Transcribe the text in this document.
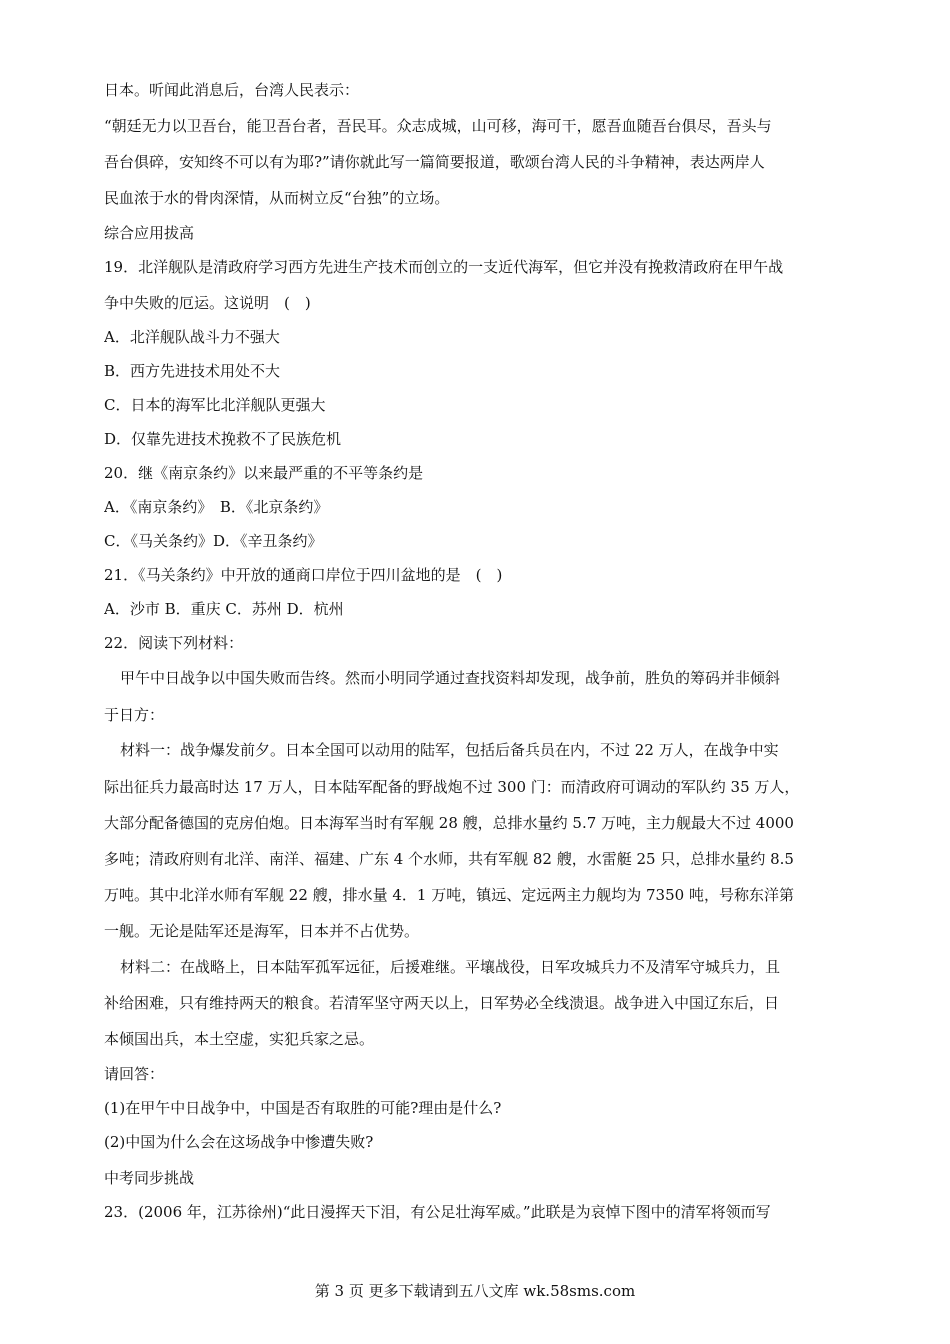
日本。听闻此消息后，台湾人民表示：
“朝廷无力以卫吾台，能卫吾台者，吾民耳。众志成城，山可移，海可干，愿吾血随吾台俱尽，吾头与
吾台俱碎，安知终不可以有为耶?”请你就此写一篇简要报道，歌颂台湾人民的斗争精神，表达两岸人
民血浓于水的骨肉深情，从而树立反“台独”的立场。
综合应用拔高
19．北洋舰队是清政府学习西方先进生产技术而创立的一支近代海军，但它并没有挽救清政府在甲午战
争中失败的厄运。这说明　(　)
A．北洋舰队战斗力不强大
B．西方先进技术用处不大
C．日本的海军比北洋舰队更强大
D．仅靠先进技术挽救不了民族危机
20．继《南京条约》以来最严重的不平等条约是
A．《南京条约》　B．《北京条约》
C．《马关条约》D．《辛丑条约》
21．《马关条约》中开放的通商口岸位于四川盆地的是　(　)
A．沙市 B．重庆 C．苏州 D．杭州
22．阅读下列材料：
甲午中日战争以中国失败而告终。然而小明同学通过查找资料却发现，战争前，胜负的筹码并非倾斜
于日方：
材料一：战争爆发前夕。日本全国可以动用的陆军，包括后备兵员在内，不过 22 万人，在战争中实
际出征兵力最高时达 17 万人，日本陆军配备的野战炮不过 300 门：而清政府可调动的军队约 35 万人，
大部分配备德国的克房伯炮。日本海军当时有军舰 28 艘，总排水量约 5.7 万吨，主力舰最大不过 4000
多吨；清政府则有北洋、南洋、福建、广东 4 个水师，共有军舰 82 艘，水雷艇 25 只，总排水量约 8.5
万吨。其中北洋水师有军舰 22 艘，排水量 4．1 万吨，镇远、定远两主力舰均为 7350 吨，号称东洋第
一舰。无论是陆军还是海军，日本并不占优势。
材料二：在战略上，日本陆军孤军远征，后援难继。平壤战役，日军攻城兵力不及清军守城兵力，且
补给困难，只有维持两天的粮食。若清军坚守两天以上，日军势必全线溃退。战争进入中国辽东后，日
本倾国出兵，本土空虚，实犯兵家之忌。
请回答：
(1)在甲午中日战争中，中国是否有取胜的可能?理由是什么?
(2)中国为什么会在这场战争中惨遭失败?
中考同步挑战
23．(2006 年，江苏徐州)“此日漫挥天下泪，有公足壮海军威。”此联是为哀悼下图中的清军将领而写
第 3 页 更多下载请到五八文库 wk.58sms.com
